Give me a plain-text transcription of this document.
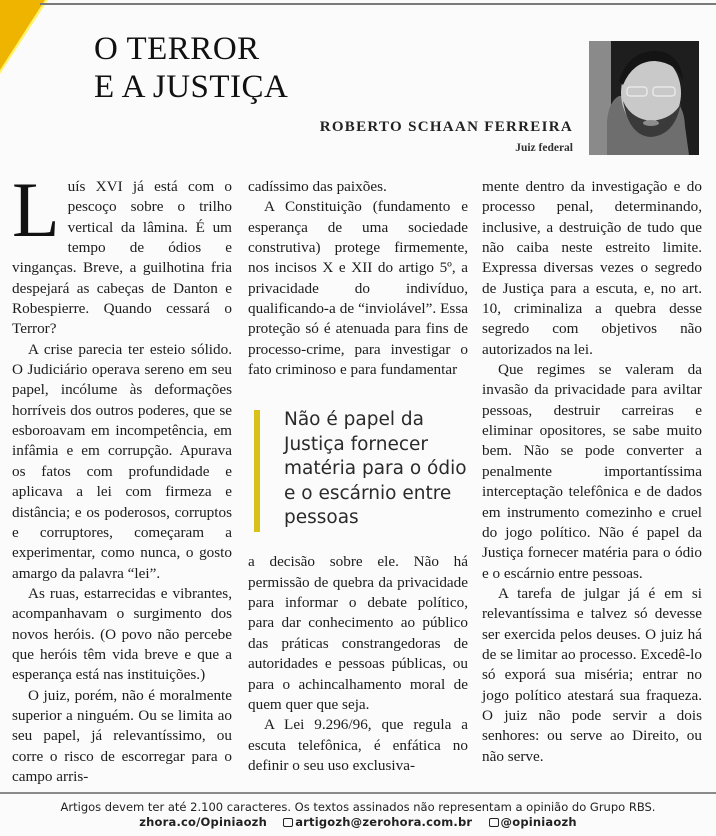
O TERROR
E A JUSTIÇA
ROBERTO SCHAAN FERREIRA
Juiz federal

Luís XVI já está com o pescoço sobre o trilho vertical da lâmina. É um tempo de ódios e vinganças. Breve, a guilhotina fria despejará as cabeças de Danton e Robespierre. Quando cessará o Terror?

A crise parecia ter esteio sólido. O Judiciário operava sereno em seu papel, incólume às deformações horríveis dos outros poderes, que se esboroavam em incompetência, em infâmia e em corrupção. Apurava os fatos com profundidade e aplicava a lei com firmeza e distância; e os poderosos, corruptos e corruptores, começaram a experimentar, como nunca, o gosto amargo da palavra “lei”.

As ruas, estarrecidas e vibrantes, acompanhavam o surgimento dos novos heróis. (O povo não percebe que heróis têm vida breve e que a esperança está nas instituições.)

O juiz, porém, não é moralmente superior a ninguém. Ou se limita ao seu papel, já relevantíssimo, ou corre o risco de escorregar para o campo arris-

cadíssimo das paixões.

A Constituição (fundamento e esperança de uma sociedade construtiva) protege firmemente, nos incisos X e XII do artigo 5º, a privacidade do indivíduo, qualificando-a de “inviolável”. Essa proteção só é atenuada para fins de processo-crime, para investigar o fato criminoso e para fundamentar

Não é papel da Justiça fornecer matéria para o ódio e o escárnio entre pessoas

a decisão sobre ele. Não há permissão de quebra da privacidade para informar o debate político, para dar conhecimento ao público das práticas constrangedoras de autoridades e pessoas públicas, ou para o achincalhamento moral de quem quer que seja.

A Lei 9.296/96, que regula a escuta telefônica, é enfática no definir o seu uso exclusiva-

mente dentro da investigação e do processo penal, determinando, inclusive, a destruição de tudo que não caiba neste estreito limite. Expressa diversas vezes o segredo de Justiça para a escuta, e, no art. 10, criminaliza a quebra desse segredo com objetivos não autorizados na lei.

Que regimes se valeram da invasão da privacidade para aviltar pessoas, destruir carreiras e eliminar opositores, se sabe muito bem. Não se pode converter a penalmente importantíssima interceptação telefônica e de dados em instrumento comezinho e cruel do jogo político. Não é papel da Justiça fornecer matéria para o ódio e o escárnio entre pessoas.

A tarefa de julgar já é em si relevantíssima e talvez só devesse ser exercida pelos deuses. O juiz há de se limitar ao processo. Excedê-lo só exporá sua miséria; entrar no jogo político atestará sua fraqueza. O juiz não pode servir a dois senhores: ou serve ao Direito, ou não serve.

Artigos devem ter até 2.100 caracteres. Os textos assinados não representam a opinião do Grupo RBS.
zhora.co/Opiniaozh artigozh@zerohora.com.br @opiniaozh
